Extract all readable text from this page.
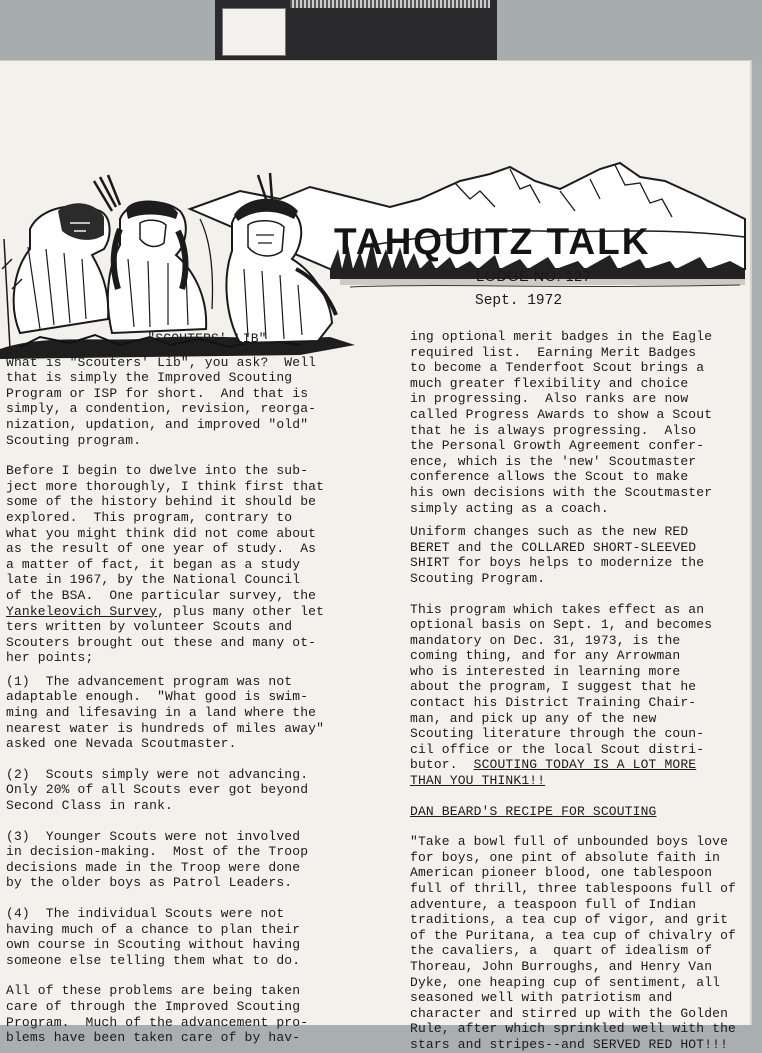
TAHQUITZ TALK
LODGE NO. 127
Sept. 1972

"SCOUTERS' LIB"

What is "Scouters' Lib", you ask?  Well

that is simply the Improved Scouting

Program or ISP for short.  And that is

simply, a condention, revision, reorga-

nization, updation, and improved "old"

Scouting program.

Before I begin to dwelve into the sub-

ject more thoroughly, I think first that

some of the history behind it should be

explored.  This program, contrary to

what you might think did not come about

as the result of one year of study.  As

a matter of fact, it began as a study

late in 1967, by the National Council

of the BSA.  One particular survey, the

Yankeleovich Survey, plus many other let

ters written by volunteer Scouts and

Scouters brought out these and many ot-

her points;

(1)  The advancement program was not

adaptable enough.  "What good is swim-

ming and lifesaving in a land where the

nearest water is hundreds of miles away"

asked one Nevada Scoutmaster.

(2)  Scouts simply were not advancing.

Only 20% of all Scouts ever got beyond

Second Class in rank.

(3)  Younger Scouts were not involved

in decision-making.  Most of the Troop

decisions made in the Troop were done

by the older boys as Patrol Leaders.

(4)  The individual Scouts were not

having much of a chance to plan their

own course in Scouting without having

someone else telling them what to do.

All of these problems are being taken

care of through the Improved Scouting

Program.  Much of the advancement pro-

blems have been taken care of by hav-

ing optional merit badges in the Eagle

required list.  Earning Merit Badges

to become a Tenderfoot Scout brings a

much greater flexibility and choice

in progressing.  Also ranks are now

called Progress Awards to show a Scout

that he is always progressing.  Also

the Personal Growth Agreement confer-

ence, which is the 'new' Scoutmaster

conference allows the Scout to make

his own decisions with the Scoutmaster

simply acting as a coach.

Uniform changes such as the new RED

BERET and the COLLARED SHORT-SLEEVED

SHIRT for boys helps to modernize the

Scouting Program.

This program which takes effect as an

optional basis on Sept. 1, and becomes

mandatory on Dec. 31, 1973, is the

coming thing, and for any Arrowman

who is interested in learning more

about the program, I suggest that he

contact his District Training Chair-

man, and pick up any of the new

Scouting literature through the coun-

cil office or the local Scout distri-

butor.  SCOUTING TODAY IS A LOT MORE

THAN YOU THINK1!!

DAN BEARD'S RECIPE FOR SCOUTING

"Take a bowl full of unbounded boys love

for boys, one pint of absolute faith in

American pioneer blood, one tablespoon

full of thrill, three tablespoons full of

adventure, a teaspoon full of Indian

traditions, a tea cup of vigor, and grit

of the Puritana, a tea cup of chivalry of

the cavaliers, a  quart of idealism of

Thoreau, John Burroughs, and Henry Van

Dyke, one heaping cup of sentiment, all

seasoned well with patriotism and

character and stirred up with the Golden

Rule, after which sprinkled well with the

stars and stripes--and SERVED RED HOT!!!
